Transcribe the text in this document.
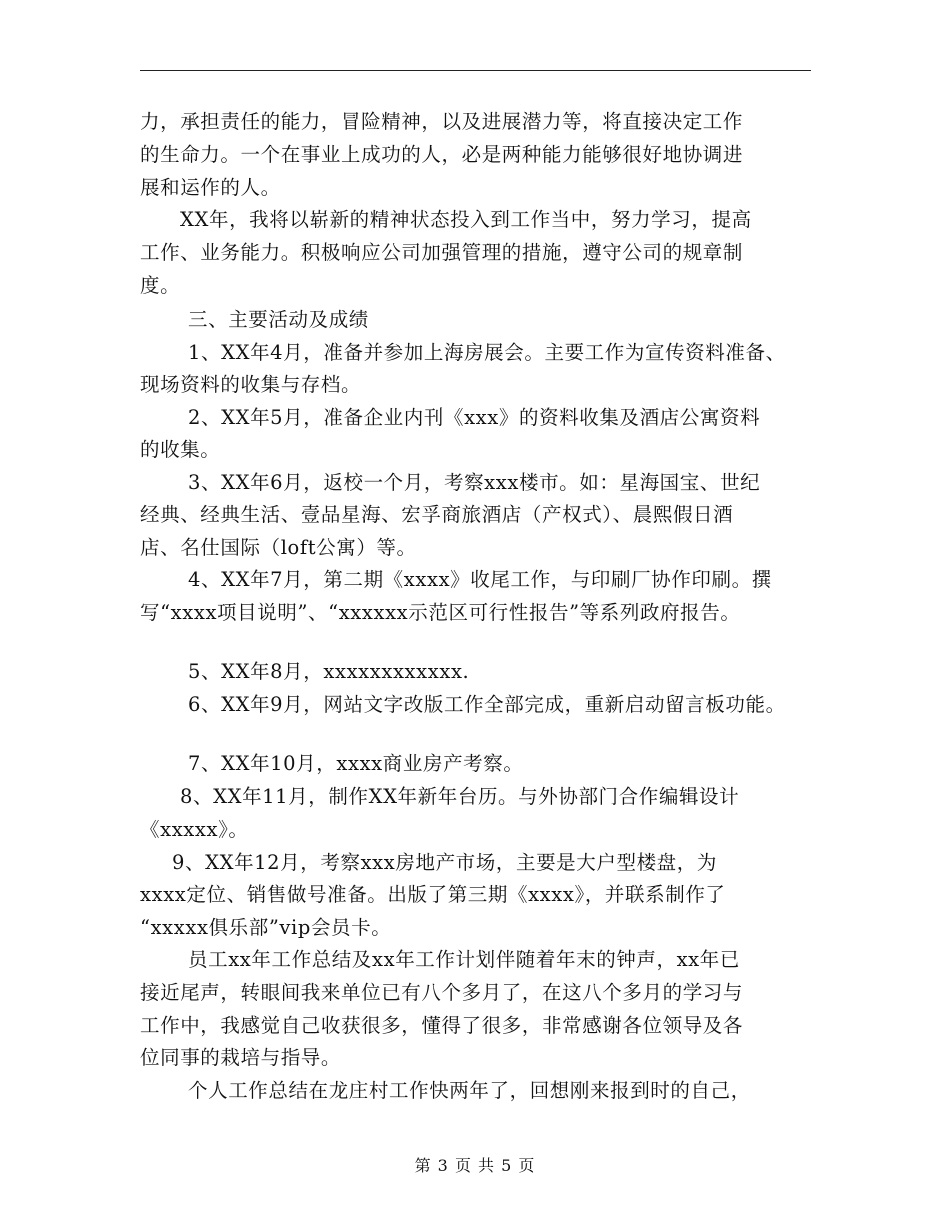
力，承担责任的能力，冒险精神，以及进展潜力等，将直接决定工作
的生命力。一个在事业上成功的人，必是两种能力能够很好地协调进
展和运作的人。
XX年，我将以崭新的精神状态投入到工作当中，努力学习，提高
工作、业务能力。积极响应公司加强管理的措施，遵守公司的规章制
度。
三、主要活动及成绩
1、XX年4月，准备并参加上海房展会。主要工作为宣传资料准备、
现场资料的收集与存档。
2、XX年5月，准备企业内刊《xxx》的资料收集及酒店公寓资料
的收集。
3、XX年6月，返校一个月，考察xxx楼市。如：星海国宝、世纪
经典、经典生活、壹品星海、宏孚商旅酒店（产权式）、晨熙假日酒
店、名仕国际（loft公寓）等。
4、XX年7月，第二期《xxxx》收尾工作，与印刷厂协作印刷。撰
写“xxxx项目说明”、“xxxxxx示范区可行性报告”等系列政府报告。
5、XX年8月，xxxxxxxxxxxx.
6、XX年9月，网站文字改版工作全部完成，重新启动留言板功能。
7、XX年10月，xxxx商业房产考察。
8、XX年11月，制作XX年新年台历。与外协部门合作编辑设计
《xxxxx》。
9、XX年12月，考察xxx房地产市场，主要是大户型楼盘，为
xxxx定位、销售做号准备。出版了第三期《xxxx》，并联系制作了
“xxxxx俱乐部”vip会员卡。
员工xx年工作总结及xx年工作计划伴随着年末的钟声，xx年已
接近尾声，转眼间我来单位已有八个多月了，在这八个多月的学习与
工作中，我感觉自己收获很多，懂得了很多，非常感谢各位领导及各
位同事的栽培与指导。
个人工作总结在龙庄村工作快两年了，回想刚来报到时的自己，
第 3 页 共 5 页
